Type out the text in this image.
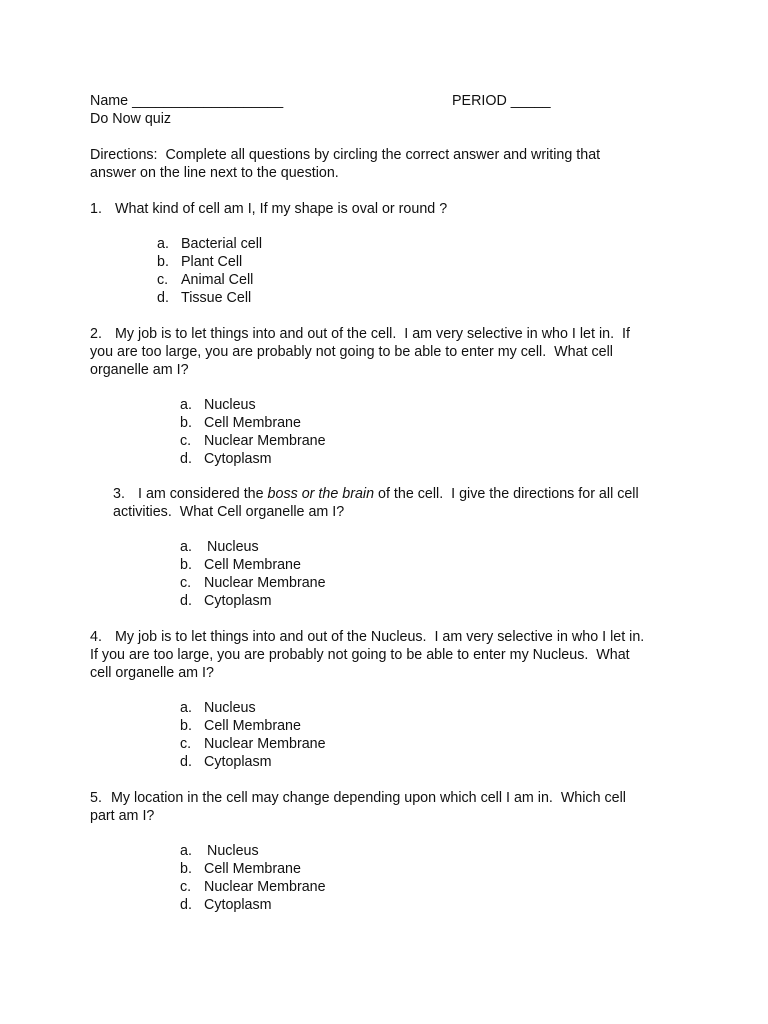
Name ___________________	PERIOD _____
Do Now quiz
Directions:  Complete all questions by circling the correct answer and writing that
answer on the line next to the question.
1. What kind of cell am I, If my shape is oval or round ?
a. Bacterial cell
b. Plant Cell
c. Animal Cell
d. Tissue Cell
2. My job is to let things into and out of the cell.  I am very selective in who I let in.  If
you are too large, you are probably not going to be able to enter my cell.  What cell
organelle am I?
a. Nucleus
b. Cell Membrane
c. Nuclear Membrane
d. Cytoplasm
3. I am considered the boss or the brain of the cell.  I give the directions for all cell
activities.  What Cell organelle am I?
a. Nucleus
b. Cell Membrane
c. Nuclear Membrane
d. Cytoplasm
4. My job is to let things into and out of the Nucleus.  I am very selective in who I let in.
If you are too large, you are probably not going to be able to enter my Nucleus.  What
cell organelle am I?
a. Nucleus
b. Cell Membrane
c. Nuclear Membrane
d. Cytoplasm
5. My location in the cell may change depending upon which cell I am in.  Which cell
part am I?
a. Nucleus
b. Cell Membrane
c. Nuclear Membrane
d. Cytoplasm
